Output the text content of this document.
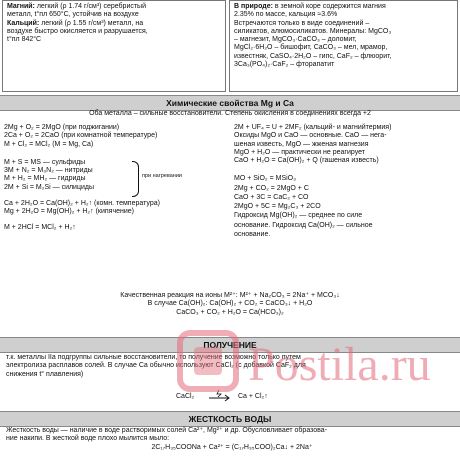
Магний: легкий (ρ 1.74 г/см³) серебристый
металл, t°пл 650°C, устойчив на воздухе
Кальций: легкий (ρ 1.55 г/см³) металл, на
воздухе быстро окисляется и разрушается,
t°пл 842°C
В природе: в земной коре содержится магния
2.35% по массе, кальция ≈3.6%
Встречаются только в виде соединений –
силикатов, алюмосиликатов. Минералы: MgCO₃
– магнезит, MgCO₃·CaCO₃ – доломит,
MgCl₂·6H₂O – бишофит, CaCO₃ – мел, мрамор,
известняк, CaSO₄·2H₂O – гипс, CaF₂ – флюорит,
3Ca₃(PO₄)₂·CaF₂ – фторапатит
Химические свойства Mg и Ca
Оба металла – сильные восстановители. Степень окисления в соединениях всегда +2
2Mg + O₂ = 2MgO (при поджигании)
2Ca + O₂ = 2CaO (при комнатной температуре)
M + Cl₂ = MCl₂ (M = Mg, Ca)
M + S = MS — сульфиды
3M + N₂ = M₃N₂ — нитриды
M + H₂ = MH₂ — гидриды
2M + Si = M₂Si — силициды
при нагревании
Ca + 2H₂O = Ca(OH)₂ + H₂↑ (комн. температура)
Mg + 2H₂O = Mg(OH)₂ + H₂↑ (кипячение)
M + 2HCl = MCl₂ + H₂↑
2M + UF₄ = U + 2MF₂ (кальций- и магнийтермия)
Оксиды MgO и CaO — основные. CaO — нега-
шеная известь, MgO — жженая магнезия
MgO + H₂O — практически не реагирует
CaO + H₂O = Ca(OH)₂ + Q (гашеная известь)
MO + SiO₂ = MSiO₃
2Mg + CO₂ = 2MgO + C
CaO + 3C = CaC₂ + CO
2MgO + 5C = Mg₂C₃ + 2CO
Гидроксид Mg(OH)₂ — среднее по силе
основание. Гидроксид Ca(OH)₂ — сильное
основание.
Качественная реакция на ионы M²⁺: M²⁺ + Na₂CO₃ = 2Na⁺ + MCO₃↓
В случае Ca(OH)₂: Ca(OH)₂ + CO₂ = CaCO₃↓ + H₂O
CaCO₃ + CO₂ + H₂O = Ca(HCO₃)₂
ПОЛУЧЕНИЕ
т.к. металлы IIa подгруппы сильные восстановители, то получение возможно только путем
электролиза расплавов солей. В случае Ca обычно используют CaCl₂ (с добавкой CaF₂ для
снижения t° плавления)
CaCl₂	Ca + Cl₂↑
ЖЕСТКОСТЬ ВОДЫ
Жесткость воды — наличие в воде растворимых солей Ca²⁺, Mg²⁺ и др. Обусловливает образова-
ние накипи. В жесткой воде плохо мылится мыло:
2C₁₇H₃₅COONa + Ca²⁺ = (C₁₇H₃₅COO)₂Ca↓ + 2Na⁺
Postila.ru
